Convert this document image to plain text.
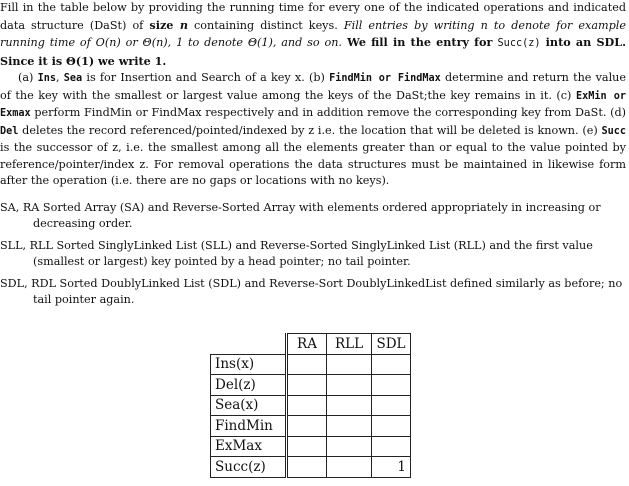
Fill in the table below by providing the running time for every one of the indicated operations and indicated data structure (DaSt) of size n containing distinct keys. Fill entries by writing n to denote for example running time of O(n) or Θ(n), 1 to denote Θ(1), and so on. We fill in the entry for Succ(z) into an SDL. Since it is Θ(1) we write 1.

(a) Ins, Sea is for Insertion and Search of a key x. (b) FindMin or FindMax determine and return the value of the key with the smallest or largest value among the keys of the DaSt;the key remains in it. (c) ExMin or Exmax perform FindMin or FindMax respectively and in addition remove the corresponding key from DaSt. (d) Del deletes the record referenced/pointed/indexed by z i.e. the location that will be deleted is known. (e) Succ is the successor of z, i.e. the smallest among all the elements greater than or equal to the value pointed by reference/pointer/index z. For removal operations the data structures must be maintained in likewise form after the operation (i.e. there are no gaps or locations with no keys).

SA, RA Sorted Array (SA) and Reverse-Sorted Array with elements ordered appropriately in increasing or decreasing order.

SLL, RLL Sorted SinglyLinked List (SLL) and Reverse-Sorted SinglyLinked List (RLL) and the first value (smallest or largest) key pointed by a head pointer; no tail pointer.

SDL, RDL Sorted DoublyLinked List (SDL) and Reverse-Sort DoublyLinkedList defined similarly as before; no tail pointer again.

	RA	RLL	SDL
Ins(x)			
Del(z)			
Sea(x)			
FindMin			
ExMax			
Succ(z)			1
